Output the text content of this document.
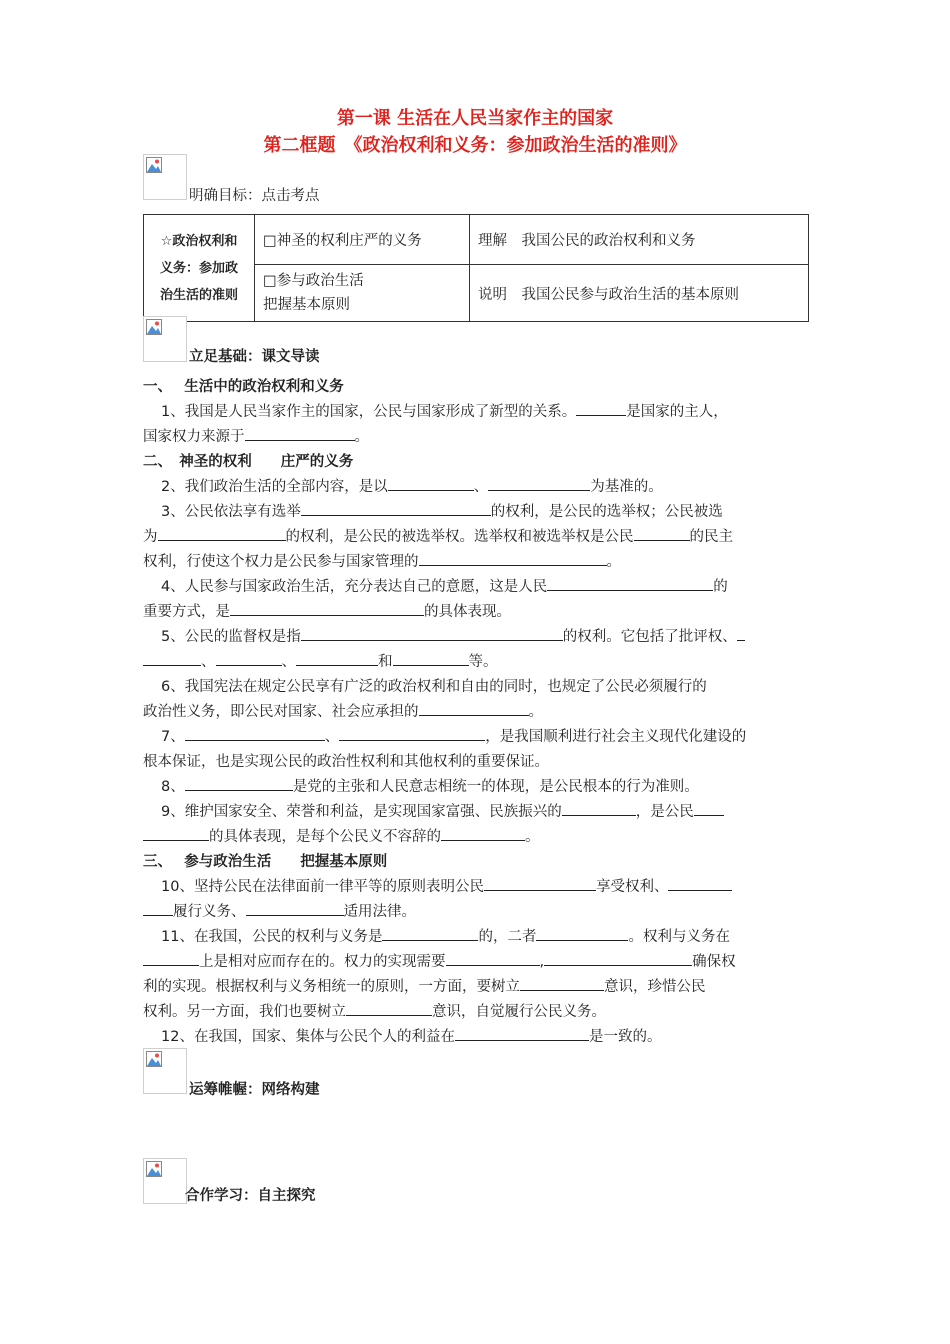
第一课 生活在人民当家作主的国家
第二框题　《政治权利和义务：参加政治生活的准则》
明确目标：点击考点
☆政治权利和
义务：参加政
治生活的准则	□神圣的权利庄严的义务	理解　我国公民的政治权利和义务

	□参与政治生活
把握基本原则	说明　我国公民参与政治生活的基本原则
立足基础：课文导读
一、　 生活中的政治权利和义务
1、我国是人民当家作主的国家，公民与国家形成了新型的关系。	是国家的主人，
国家权力来源于	。
二、　神圣的权利　　庄严的义务
2、我们政治生活的全部内容，是以	、	为基准的。
3、公民依法享有选举	的权利，是公民的选举权；公民被选
为	的权利，是公民的被选举权。选举权和被选举权是公民	的民主
权利，行使这个权力是公民参与国家管理的	。
4、人民参与国家政治生活，充分表达自己的意愿，这是人民	的
重要方式，是	的具体表现。
5、公民的监督权是指	的权利。它包括了批评权、
、	、	和	等。
6、我国宪法在规定公民享有广泛的政治权利和自由的同时，也规定了公民必须履行的
政治性义务，即公民对国家、社会应承担的	。
7、	、	，是我国顺利进行社会主义现代化建设的
根本保证，也是实现公民的政治性权利和其他权利的重要保证。
8、	是党的主张和人民意志相统一的体现，是公民根本的行为准则。
9、维护国家安全、荣誉和利益，是实现国家富强、民族振兴的	，是公民
的具体表现，是每个公民义不容辞的	。
三、　 参与政治生活　　把握基本原则
10、坚持公民在法律面前一律平等的原则表明公民	享受权利、
履行义务、	适用法律。
11、在我国，公民的权利与义务是	的，二者	。权利与义务在
上是相对应而存在的。权力的实现需要	,	确保权
利的实现。根据权利与义务相统一的原则，一方面，要树立	意识，珍惜公民
权利。另一方面，我们也要树立	意识，自觉履行公民义务。
12、在我国，国家、集体与公民个人的利益在	是一致的。
运筹帷幄：网络构建
合作学习：自主探究
